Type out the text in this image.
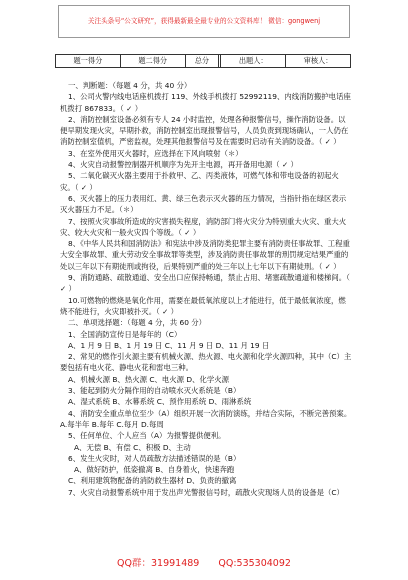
关注头条号“公文研究”，获得最新最全最专业的公文资料库！ 微信：gongwenj
题一得分	题二得分	总分		出题人：	审核人：

一、判断题：（每题 4 分，共 40 分）

1、公司火警内线电话座机拨打 119、外线手机拨打 52992119、内线消防搬护电话座机拨打 867833。（ ✓ ）

2、消防控制室设备必须有专人 24 小时监控，处理各种报警信号，操作消防设备。以便早期发现火灾，早期扑救，消防控制室出现报警信号，人员负责到现场确认，一人仍在消防控制室值机，严密监视，处理其他报警信号及在需要时启动有关消防设备。（ ✓ ）

3、在室外使用灭火器时，应选择在下风向喷射（＊）

4、火灾自动报警控制器开机顺序为先开主电源，再开备用电源（ ✓ ）

5、二氧化碳灭火器主要用于扑救甲、乙、丙类液体，可燃气体和带电设备的初起火灾。（ ✓ ）

6、灭火器上的压力表用红、黄、绿三色表示灭火器的压力情况，当指针指在绿区表示灭火器压力不足。（＊）

7、按照火灾事故所造成的灾害损失程度，消防部门将火灾分为特别重大火灾、重大火灾、较大火灾和一般火灾四个等级。（ ✓ ）

8、《中华人民共和国消防法》和宪法中涉及消防类犯罪主要有消防责任事故罪、工程重大安全事故罪、重大劳动安全事故罪等类型，涉及消防责任事故罪的刑罚规定结果严重的处以三年以下有期徒刑或拘役，后果特别严重的处三年以上七年以下有期徒刑。（ ✓ ）

9、消防通路、疏散通道、安全出口应保持畅通，禁止占用、堵塞疏散通道和楼梯间。（ ✓ ）

10.可燃物的燃烧是氧化作用，需要在最低氧浓度以上才能进行，低于最低氧浓度，燃烧不能进行，火灾即被扑灭。（ ✓ ）

二、单项选择题：（每题 4 分，共 60 分）

1、全国消防宣传日是每年的（C）

A、1 月 9 日 B、1 月 19 日 C、11 月 9 日 D、11 月 19 日

2、常见的燃作引火源主要有机械火源、热火源、电火源和化学火源四种，其中（C）主要包括有电火花、静电火花和雷电三种。

A、机械火源 B、热火源 C、电火源 D、化学火源

3、能起到防火分隔作用的自动喷水灭火系统是（B）

A、湿式系统 B、水幕系统 C、预作用系统 D、雨淋系统

4、消防安全重点单位至少（A）组织开展一次消防演练，并结合实际，不断完善预案。

A.每半年 B.每年 C.每月 D.每周

5、任何单位、个人应当（A）为报警提供便利。

A、无偿 B、有偿 C、积极 D、主动

6、发生火灾时，对人员疏散方法描述错误的是（B）

A、做好防护，低姿撤离 B、自身着火，快速奔跑

C、利用建筑物配备的消防救生器材 D、负责的撤离

7、火灾自动报警系统中用于发出声光警报信号时，疏散火灾现场人员的设备是（C）

QQ群：31991489 QQ:535304092
